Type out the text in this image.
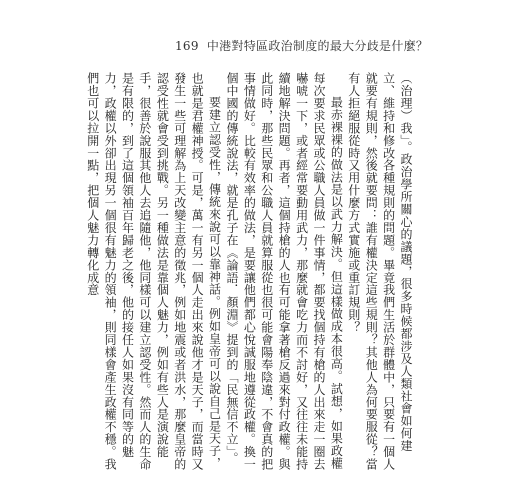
169 中港對特區政治制度的最大分歧是什麼？

（治理）我」。政治學所關心的議題，很多時候都涉及人類社會如何建立、維持和修改各種規則的問題。畢竟我們生活於群體中，只要有一個人就要有規則，然後就要問：誰有權決定這些規則？其他人為何要服從？當有人拒絕服從時又用什麼方式實施或重訂規則？

最赤裸裸的做法是以武力解決。但這樣做成本很高。試想，如果政權每次要求民眾或公職人員做一件事情，都要找個持有槍的人出來走一圈去嚇唬一下，或者經常要動用武力，那麼就會吃力而不討好，又往往未能持續地解決問題。再者，這個持槍的人也有可能拿著槍反過來對付政權。與此同時，那些民眾和公職人員就算服從也很可能會陽奉陰違，不會真的把事情做好。比較有效率的做法，是要讓他們都心悅誠服地遵從政權。換一個中國的傳統說法，就是孔子在《論語．顏淵》提到的「民無信不立」。

要建立認受性，傳統來說可以靠神話。例如皇帝可以說自己是天子，也就是君權神授。可是，萬一有另一個人走出來說他才是天子，而當時又發生一些可理解為上天改變主意的徵兆，例如地震或者洪水，那麼皇帝的認受性就會受到挑戰。另一種做法是靠個人魅力，例如有些人是演說能手，很善於說服其他人去追隨他，他同樣可以建立認受性。然而人的生命是有限的，到了這個領袖百年歸老之後，他的接任人如果沒有同等的魅力，政權以外卻出現另一個很有魅力的領袖，則同樣會產生政權不穩。我們也可以拉開一點，把個人魅力轉化成意
